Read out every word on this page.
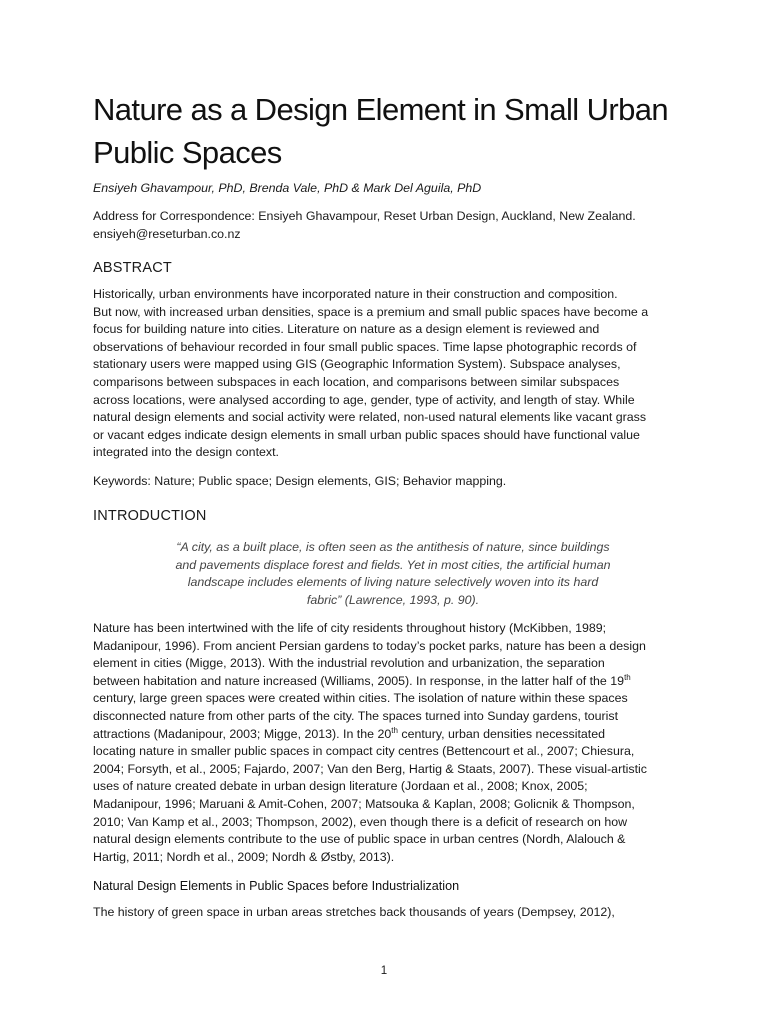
Nature as a Design Element in Small Urban
Public Spaces
Ensiyeh Ghavampour, PhD, Brenda Vale, PhD & Mark Del Aguila, PhD
Address for Correspondence: Ensiyeh Ghavampour, Reset Urban Design, Auckland, New Zealand.
ensiyeh@reseturban.co.nz
ABSTRACT
Historically, urban environments have incorporated nature in their construction and composition.
But now, with increased urban densities, space is a premium and small public spaces have become a
focus for building nature into cities. Literature on nature as a design element is reviewed and
observations of behaviour recorded in four small public spaces. Time lapse photographic records of
stationary users were mapped using GIS (Geographic Information System). Subspace analyses,
comparisons between subspaces in each location, and comparisons between similar subspaces
across locations, were analysed according to age, gender, type of activity, and length of stay. While
natural design elements and social activity were related, non-used natural elements like vacant grass
or vacant edges indicate design elements in small urban public spaces should have functional value
integrated into the design context.
Keywords: Nature; Public space; Design elements, GIS; Behavior mapping.
INTRODUCTION
“A city, as a built place, is often seen as the antithesis of nature, since buildings
and pavements displace forest and fields. Yet in most cities, the artificial human
landscape includes elements of living nature selectively woven into its hard
fabric” (Lawrence, 1993, p. 90).
Nature has been intertwined with the life of city residents throughout history (McKibben, 1989;
Madanipour, 1996). From ancient Persian gardens to today’s pocket parks, nature has been a design
element in cities (Migge, 2013). With the industrial revolution and urbanization, the separation
between habitation and nature increased (Williams, 2005). In response, in the latter half of the 19th
century, large green spaces were created within cities. The isolation of nature within these spaces
disconnected nature from other parts of the city. The spaces turned into Sunday gardens, tourist
attractions (Madanipour, 2003; Migge, 2013). In the 20th century, urban densities necessitated
locating nature in smaller public spaces in compact city centres (Bettencourt et al., 2007; Chiesura,
2004; Forsyth, et al., 2005; Fajardo, 2007; Van den Berg, Hartig & Staats, 2007). These visual-artistic
uses of nature created debate in urban design literature (Jordaan et al., 2008; Knox, 2005;
Madanipour, 1996; Maruani & Amit-Cohen, 2007; Matsouka & Kaplan, 2008; Golicnik & Thompson,
2010; Van Kamp et al., 2003; Thompson, 2002), even though there is a deficit of research on how
natural design elements contribute to the use of public space in urban centres (Nordh, Alalouch &
Hartig, 2011; Nordh et al., 2009; Nordh & Østby, 2013).
Natural Design Elements in Public Spaces before Industrialization
The history of green space in urban areas stretches back thousands of years (Dempsey, 2012),
1
